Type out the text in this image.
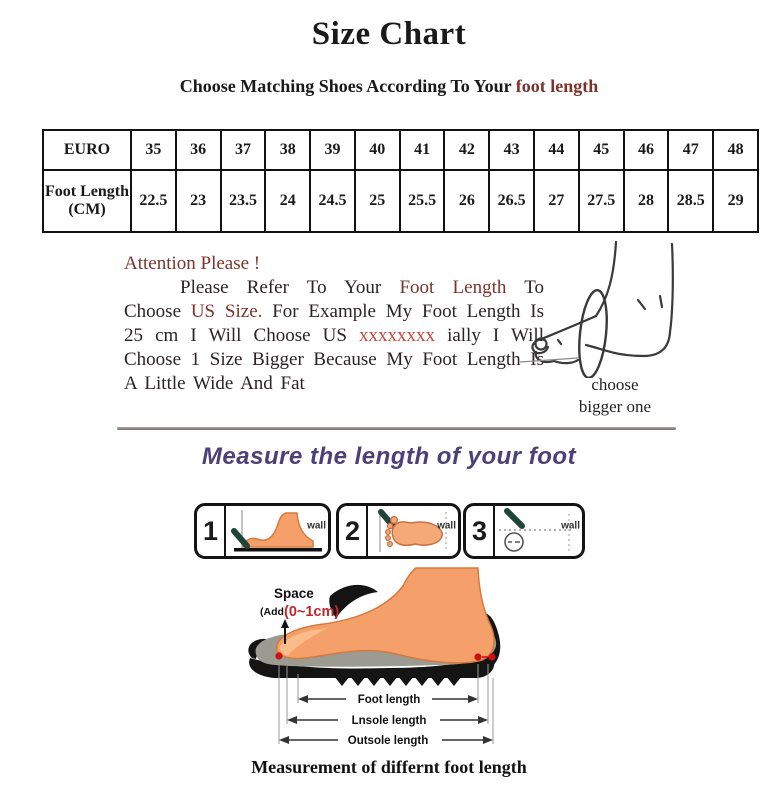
Size Chart
Choose Matching Shoes According To Your foot length
EURO	35	36	37	38	39	40	41	42	43	44	45	46	47	48
Foot Length (CM)	22.5	23	23.5	24	24.5	25	25.5	26	26.5	27	27.5	28	28.5	29

Attention Please !

Please Refer To Your Foot Length To Choose US Size. For Example My Foot Length Is 25 cm I Will Choose US xxxxxxxx ially I Will Choose 1 Size Bigger Because My Foot Length Is A Little Wide And Fat	choose
bigger one
Measure the length of your foot
1	wall 2	wall 3	wall
Space
(Add (0~1cm)
Foot length
Lnsole length
Outsole length

Measurement of differnt foot length
